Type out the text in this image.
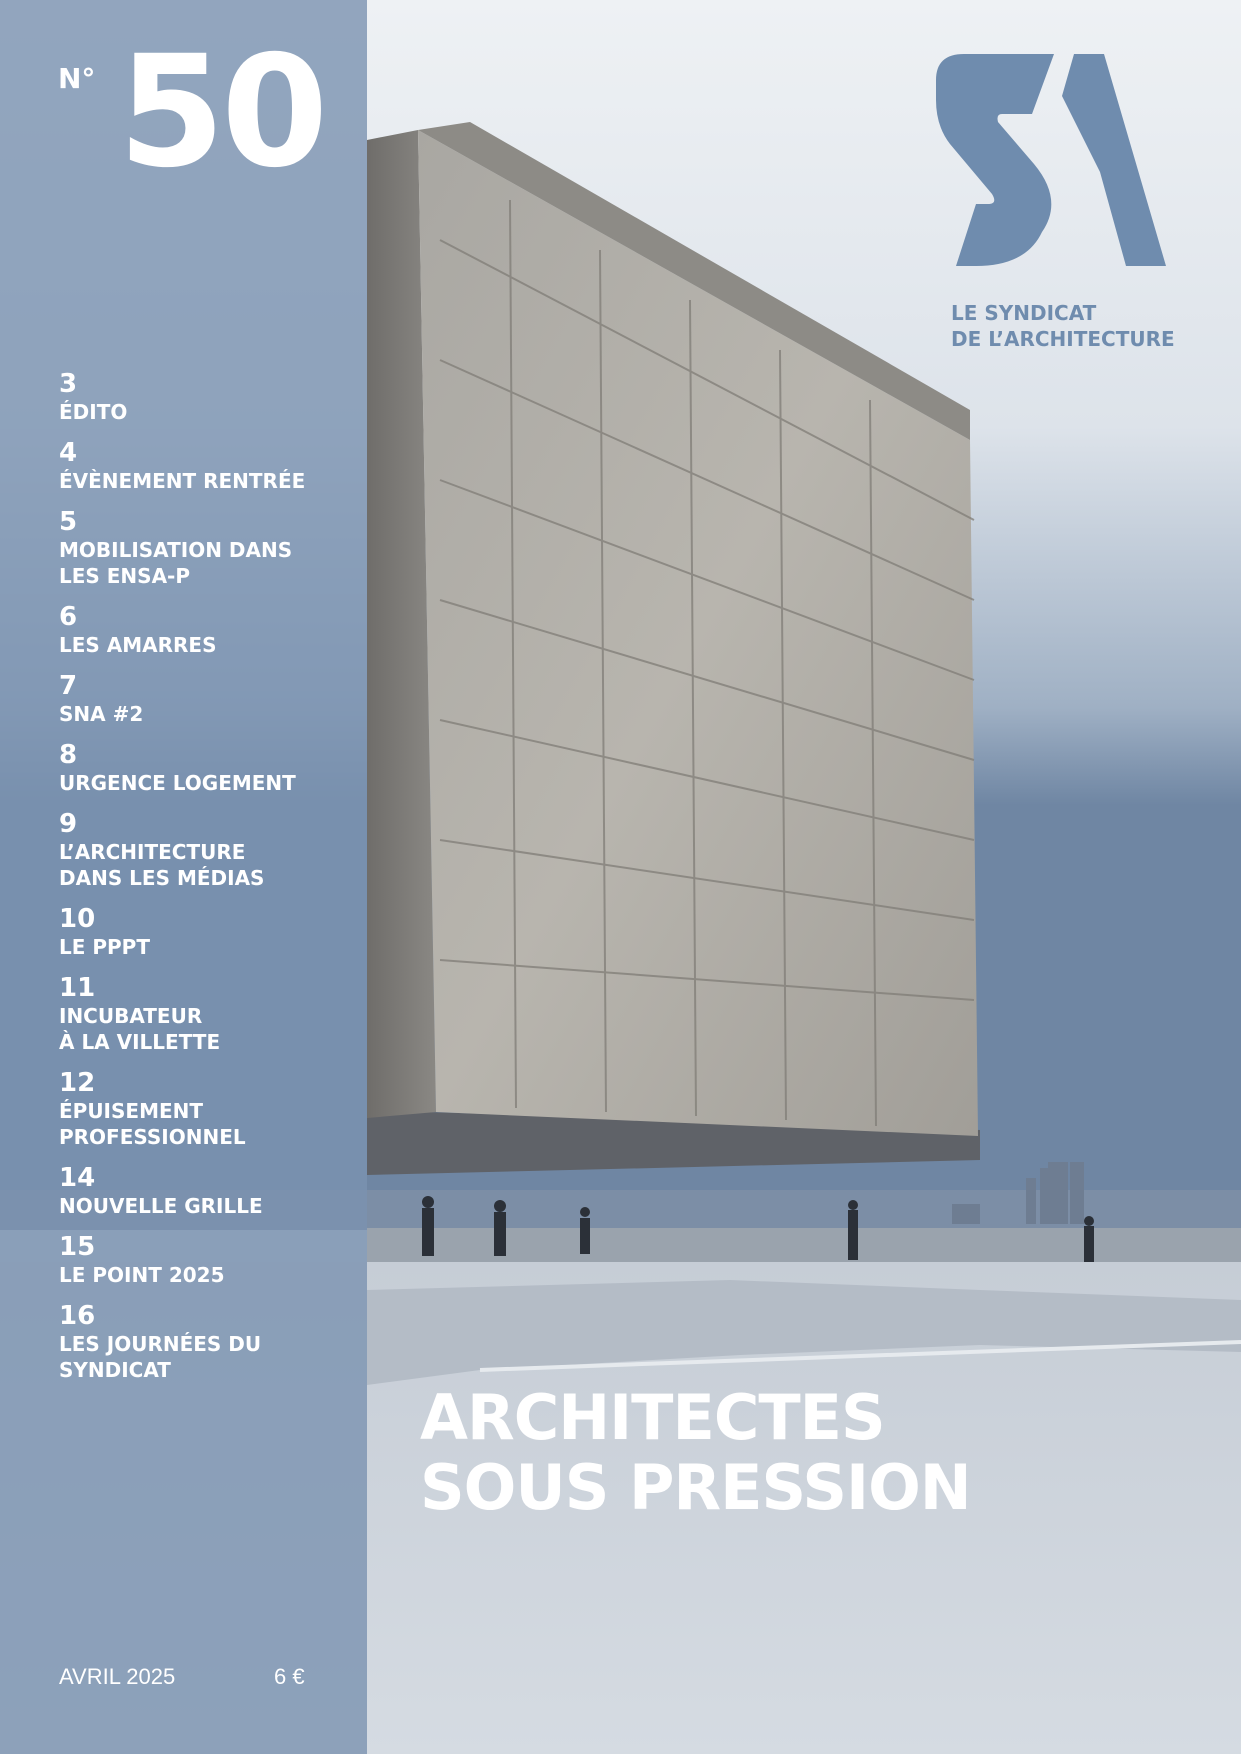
N° 50
3
ÉDITO
4
ÉVÈNEMENT RENTRÉE
5
MOBILISATION DANS
LES ENSA-P
6
LES AMARRES
7
SNA #2
8
URGENCE LOGEMENT
9
L’ARCHITECTURE
DANS LES MÉDIAS
10
LE PPPT
11
INCUBATEUR
À LA VILLETTE
12
ÉPUISEMENT
PROFESSIONNEL
14
NOUVELLE GRILLE
15
LE POINT 2025
16
LES JOURNÉES DU
SYNDICAT
AVRIL 2025	6 €
LE SYNDICAT
DE L’ARCHITECTURE
ARCHITECTES
SOUS PRESSION
